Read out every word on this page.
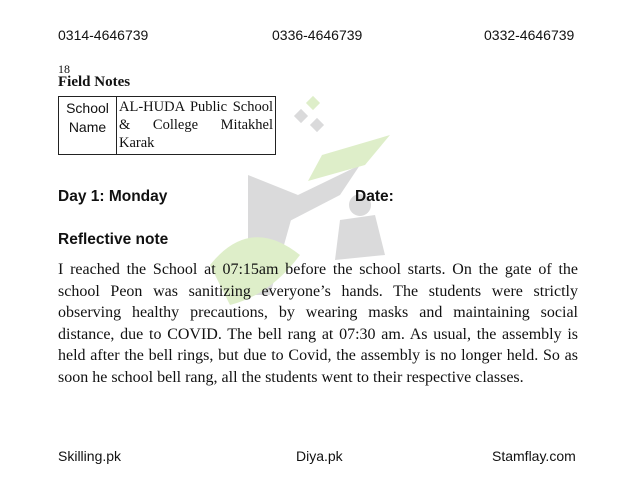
0314-4646739	0336-4646739	0332-4646739
18
Field Notes
School Name	AL-HUDA Public School & College Mitakhel Karak
Day 1: Monday	Date:
Reflective note

I reached the School at 07:15am before the school starts. On the gate of the school Peon was sanitizing everyone’s hands. The students were strictly observing healthy precautions, by wearing masks and maintaining social distance, due to COVID. The bell rang at 07:30 am. As usual, the assembly is held after the bell rings, but due to Covid, the assembly is no longer held. So as soon he school bell rang, all the students went to their respective classes.

Skilling.pk	Diya.pk	Stamflay.com
